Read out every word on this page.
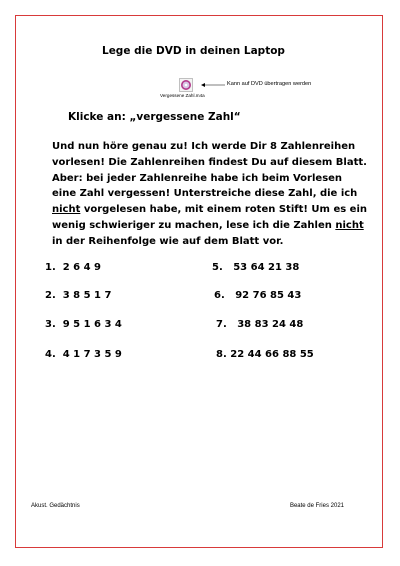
Lege die DVD in deinen Laptop
Vergessene Zahl.m4a
Kann auf DVD übertragen werden
Klicke an: „vergessene Zahl“
Und nun höre genau zu! Ich werde Dir 8 Zahlenreihen
vorlesen! Die Zahlenreihen findest Du auf diesem Blatt.
Aber: bei jeder Zahlenreihe habe ich beim Vorlesen
eine Zahl vergessen! Unterstreiche diese Zahl, die ich
nicht vorgelesen habe, mit einem roten Stift! Um es ein
wenig schwieriger zu machen, lese ich die Zahlen nicht
in der Reihenfolge wie auf dem Blatt vor.
1. 2 6 4 9
2. 3 8 5 1 7
3. 9 5 1 6 3 4
4. 4 1 7 3 5 9
5. 53 64 21 38
6. 92 76 85 43
7. 38 83 24 48
8. 22 44 66 88 55
Akust. Gedächtnis	Beate de Fries 2021
